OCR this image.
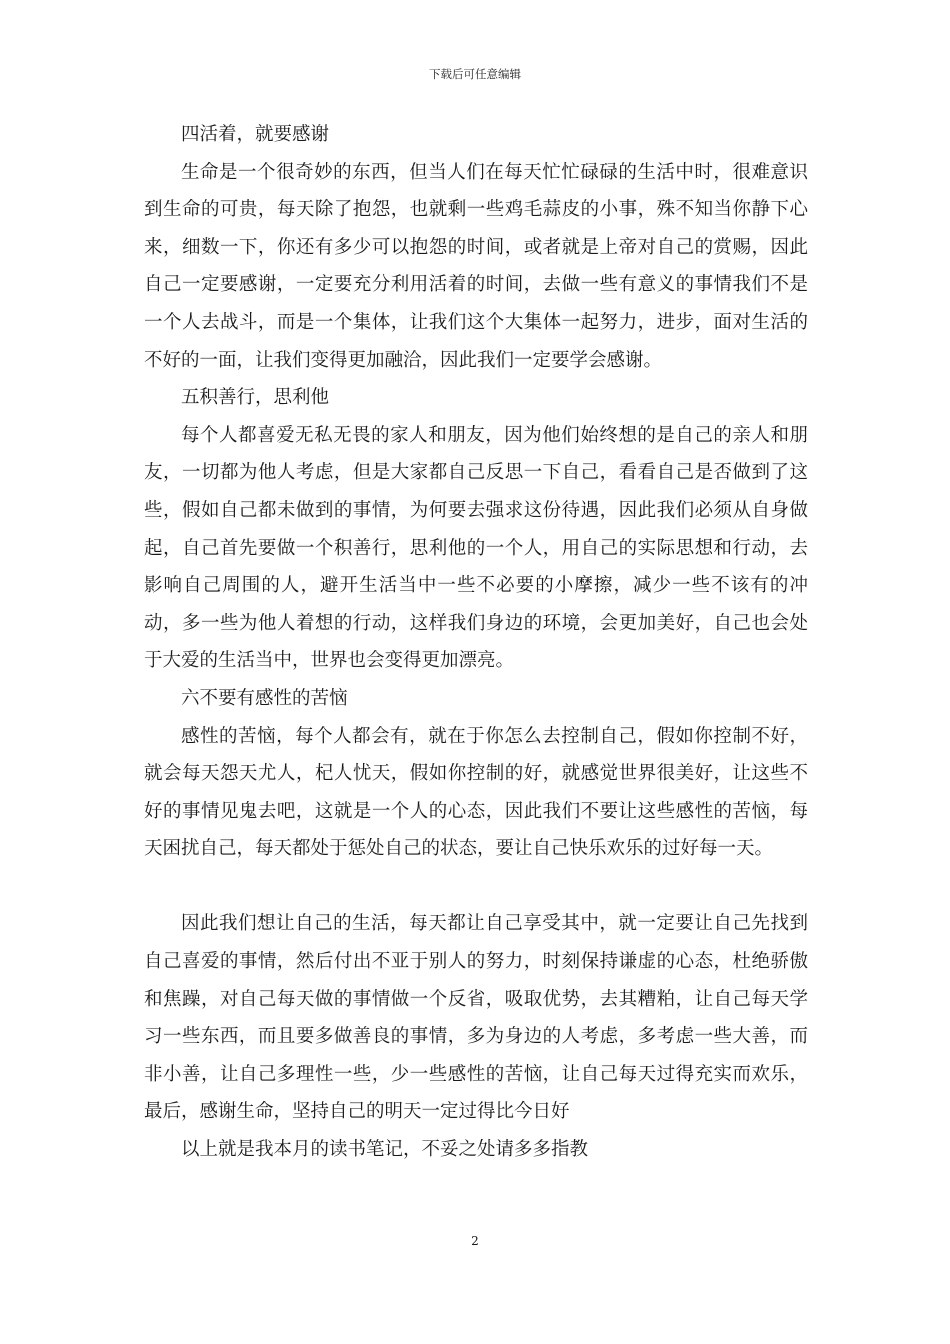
下载后可任意编辑

四活着，就要感谢

生命是一个很奇妙的东西，但当人们在每天忙忙碌碌的生活中时，很难意识到生命的可贵，每天除了抱怨，也就剩一些鸡毛蒜皮的小事，殊不知当你静下心来，细数一下，你还有多少可以抱怨的时间，或者就是上帝对自己的赏赐，因此自己一定要感谢，一定要充分利用活着的时间，去做一些有意义的事情我们不是一个人去战斗，而是一个集体，让我们这个大集体一起努力，进步，面对生活的不好的一面，让我们变得更加融洽，因此我们一定要学会感谢。

五积善行，思利他

每个人都喜爱无私无畏的家人和朋友，因为他们始终想的是自己的亲人和朋友，一切都为他人考虑，但是大家都自己反思一下自己，看看自己是否做到了这些，假如自己都未做到的事情，为何要去强求这份待遇，因此我们必须从自身做起，自己首先要做一个积善行，思利他的一个人，用自己的实际思想和行动，去影响自己周围的人，避开生活当中一些不必要的小摩擦，减少一些不该有的冲动，多一些为他人着想的行动，这样我们身边的环境，会更加美好，自己也会处于大爱的生活当中，世界也会变得更加漂亮。

六不要有感性的苦恼

感性的苦恼，每个人都会有，就在于你怎么去控制自己，假如你控制不好，就会每天怨天尤人，杞人忧天，假如你控制的好，就感觉世界很美好，让这些不好的事情见鬼去吧，这就是一个人的心态，因此我们不要让这些感性的苦恼，每天困扰自己，每天都处于惩处自己的状态，要让自己快乐欢乐的过好每一天。

因此我们想让自己的生活，每天都让自己享受其中，就一定要让自己先找到自己喜爱的事情，然后付出不亚于别人的努力，时刻保持谦虚的心态，杜绝骄傲和焦躁，对自己每天做的事情做一个反省，吸取优势，去其糟粕，让自己每天学习一些东西，而且要多做善良的事情，多为身边的人考虑，多考虑一些大善，而非小善，让自己多理性一些，少一些感性的苦恼，让自己每天过得充实而欢乐，最后，感谢生命，坚持自己的明天一定过得比今日好

以上就是我本月的读书笔记，不妥之处请多多指教

2
